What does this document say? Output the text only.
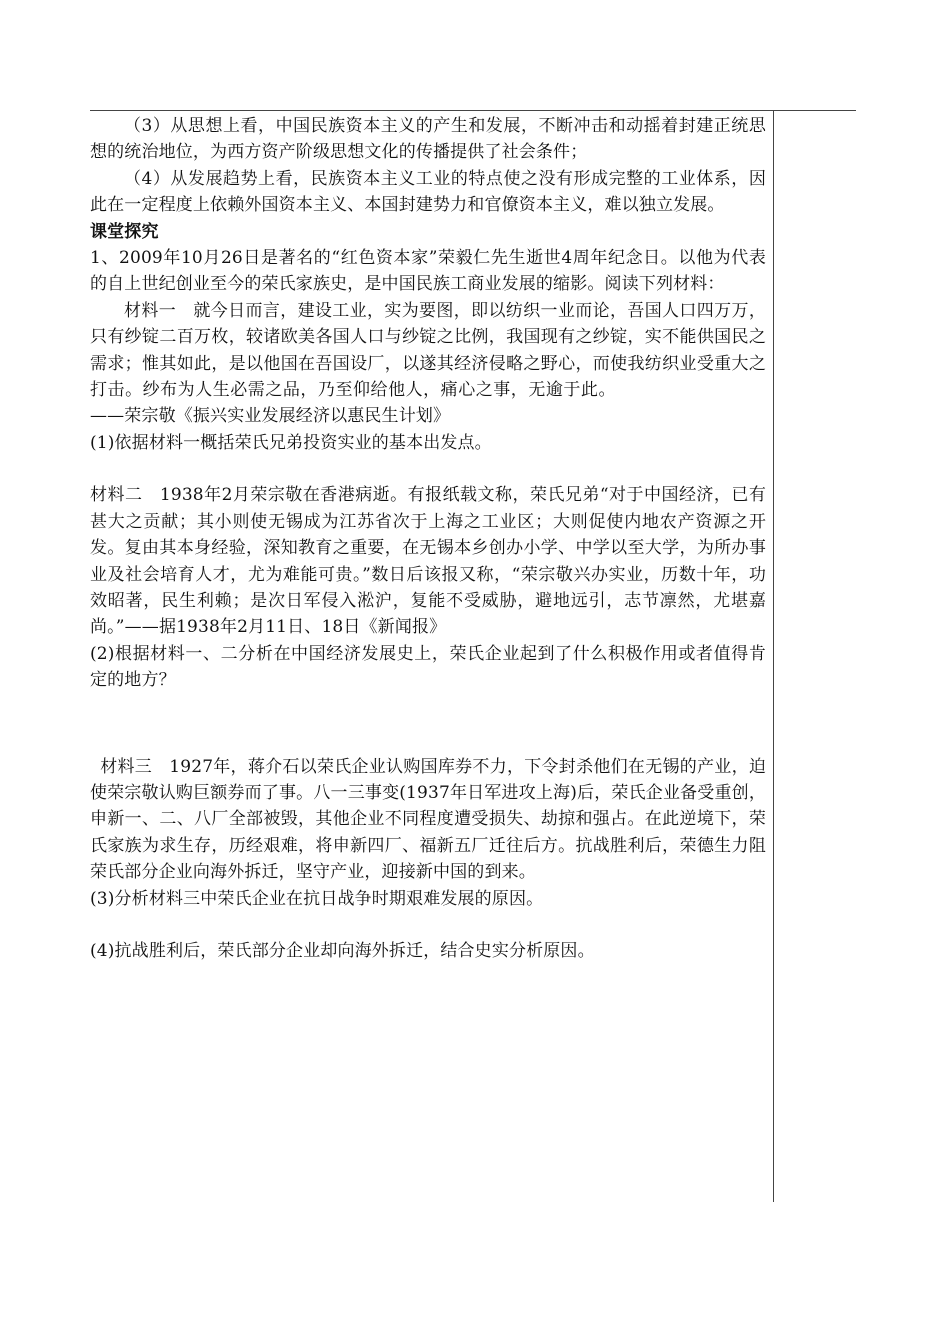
（3）从思想上看，中国民族资本主义的产生和发展，不断冲击和动摇着封建正统思想的统治地位，为西方资产阶级思想文化的传播提供了社会条件；

（4）从发展趋势上看，民族资本主义工业的特点使之没有形成完整的工业体系，因此在一定程度上依赖外国资本主义、本国封建势力和官僚资本主义，难以独立发展。

课堂探究

1、2009年10月26日是著名的“红色资本家”荣毅仁先生逝世4周年纪念日。以他为代表的自上世纪创业至今的荣氏家族史，是中国民族工商业发展的缩影。阅读下列材料：

材料一　就今日而言，建设工业，实为要图，即以纺织一业而论，吾国人口四万万，只有纱锭二百万枚，较诸欧美各国人口与纱锭之比例，我国现有之纱锭，实不能供国民之需求；惟其如此，是以他国在吾国设厂，以遂其经济侵略之野心，而使我纺织业受重大之打击。纱布为人生必需之品，乃至仰给他人，痛心之事，无逾于此。——荣宗敬《振兴实业发展经济以惠民生计划》

(1)依据材料一概括荣氏兄弟投资实业的基本出发点。

材料二　1938年2月荣宗敬在香港病逝。有报纸载文称，荣氏兄弟“对于中国经济，已有甚大之贡献；其小则使无锡成为江苏省次于上海之工业区；大则促使内地农产资源之开发。复由其本身经验，深知教育之重要，在无锡本乡创办小学、中学以至大学，为所办事业及社会培育人才，尤为难能可贵。”数日后该报又称，“荣宗敬兴办实业，历数十年，功效昭著，民生利赖；是次日军侵入淞沪，复能不受威胁，避地远引，志节凛然，尤堪嘉尚。”——据1938年2月11日、18日《新闻报》

(2)根据材料一、二分析在中国经济发展史上，荣氏企业起到了什么积极作用或者值得肯定的地方？

材料三　1927年，蒋介石以荣氏企业认购国库券不力，下令封杀他们在无锡的产业，迫使荣宗敬认购巨额券而了事。八一三事变(1937年日军进攻上海)后，荣氏企业备受重创，申新一、二、八厂全部被毁，其他企业不同程度遭受损失、劫掠和强占。在此逆境下，荣氏家族为求生存，历经艰难，将申新四厂、福新五厂迁往后方。抗战胜利后，荣德生力阻荣氏部分企业向海外拆迁，坚守产业，迎接新中国的到来。

(3)分析材料三中荣氏企业在抗日战争时期艰难发展的原因。

(4)抗战胜利后，荣氏部分企业却向海外拆迁，结合史实分析原因。
